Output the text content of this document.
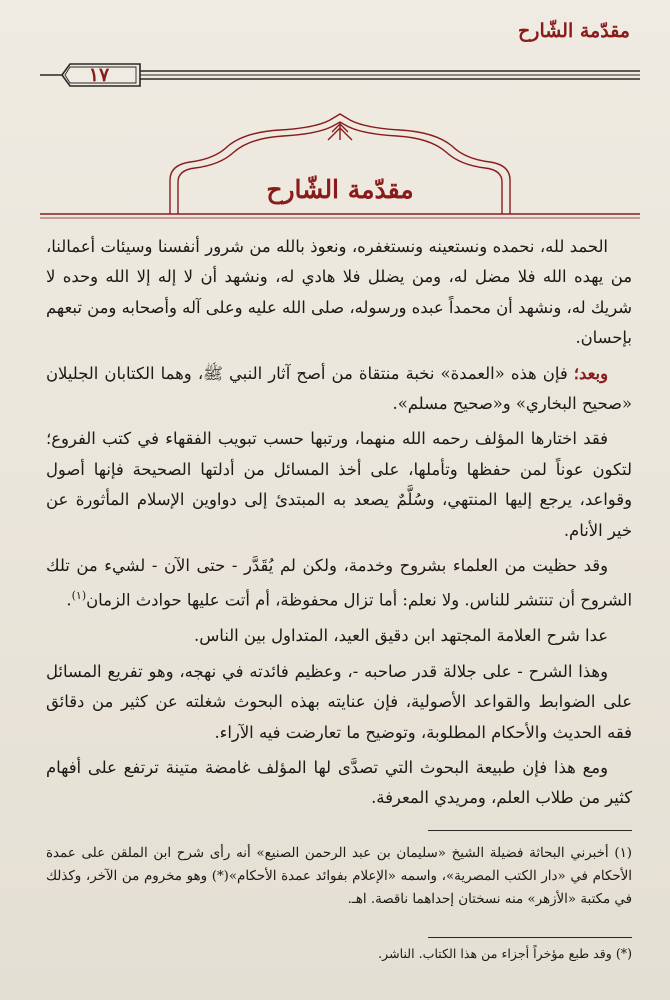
مقدّمة الشّارح
١٧
مقدّمة الشّارح

الحمد لله، نحمده ونستعينه ونستغفره، ونعوذ بالله من شرور أنفسنا وسيئات أعمالنا، من يهده الله فلا مضل له، ومن يضلل فلا هادي له، ونشهد أن لا إله إلا الله وحده لا شريك له، ونشهد أن محمداً عبده ورسوله، صلى الله عليه وعلى آله وأصحابه ومن تبعهم بإحسان.

وبعد؛ فإن هذه «العمدة» نخبة منتقاة من أصح آثار النبي ﷺ، وهما الكتابان الجليلان «صحيح البخاري» و«صحيح مسلم».

فقد اختارها المؤلف رحمه الله منهما، ورتبها حسب تبويب الفقهاء في كتب الفروع؛ لتكون عوناً لمن حفظها وتأملها، على أخذ المسائل من أدلتها الصحيحة فإنها أصول وقواعد، يرجع إليها المنتهي، وسُلَّمٌ يصعد به المبتدئ إلى دواوين الإسلام المأثورة عن خير الأنام.

وقد حظيت من العلماء بشروح وخدمة، ولكن لم يُقَدَّر - حتى الآن - لشيء من تلك الشروح أن تنتشر للناس. ولا نعلم: أما تزال محفوظة، أم أتت عليها حوادث الزمان$^{(١)}$.

عدا شرح العلامة المجتهد ابن دقيق العيد، المتداول بين الناس.

وهذا الشرح - على جلالة قدر صاحبه -، وعظيم فائدته في نهجه، وهو تفريع المسائل على الضوابط والقواعد الأصولية، فإن عنايته بهذه البحوث شغلته عن كثير من دقائق فقه الحديث والأحكام المطلوبة، وتوضيح ما تعارضت فيه الآراء.

ومع هذا فإن طبيعة البحوث التي تصدَّى لها المؤلف غامضة متينة ترتفع على أفهام كثير من طلاب العلم، ومريدي المعرفة.

(١) أخبرني البحاثة فضيلة الشيخ «سليمان بن عبد الرحمن الصنيع» أنه رأى شرح ابن الملقن على عمدة الأحكام في «دار الكتب المصرية»، واسمه «الإعلام بفوائد عمدة الأحكام»(*) وهو مخروم من الآخر، وكذلك في مكتبة «الأزهر» منه نسختان إحداهما ناقصة. اهـ.

(*) وقد طبع مؤخراً أجزاء من هذا الكتاب. الناشر.
